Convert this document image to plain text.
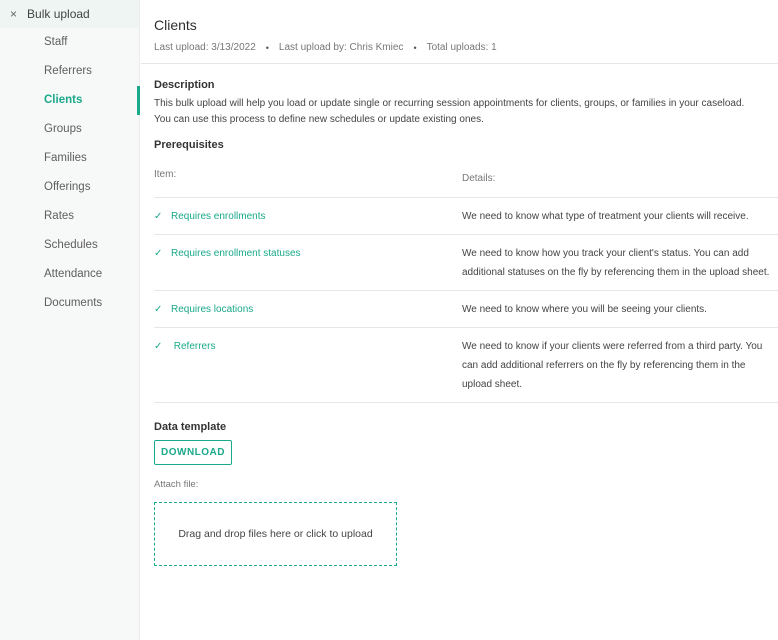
× Bulk upload
Staff
Referrers
Clients
Groups
Families
Offerings
Rates
Schedules
Attendance
Documents
Clients
Last upload: 3/13/2022 • Last upload by: Chris Kmiec • Total uploads: 1
Description
This bulk upload will help you load or update single or recurring session appointments for clients, groups, or families in your caseload. You can use this process to define new schedules or update existing ones.
Prerequisites
Item:	Details:
✓ Requires enrollments	We need to know what type of treatment your clients will receive.
✓ Requires enrollment statuses	We need to know how you track your client's status. You can add additional statuses on the fly by referencing them in the upload sheet.
✓ Requires locations	We need to know where you will be seeing your clients.
✓ Referrers	We need to know if your clients were referred from a third party. You can add additional referrers on the fly by referencing them in the upload sheet.
Data template
DOWNLOAD
Attach file:
Drag and drop files here or click to upload
